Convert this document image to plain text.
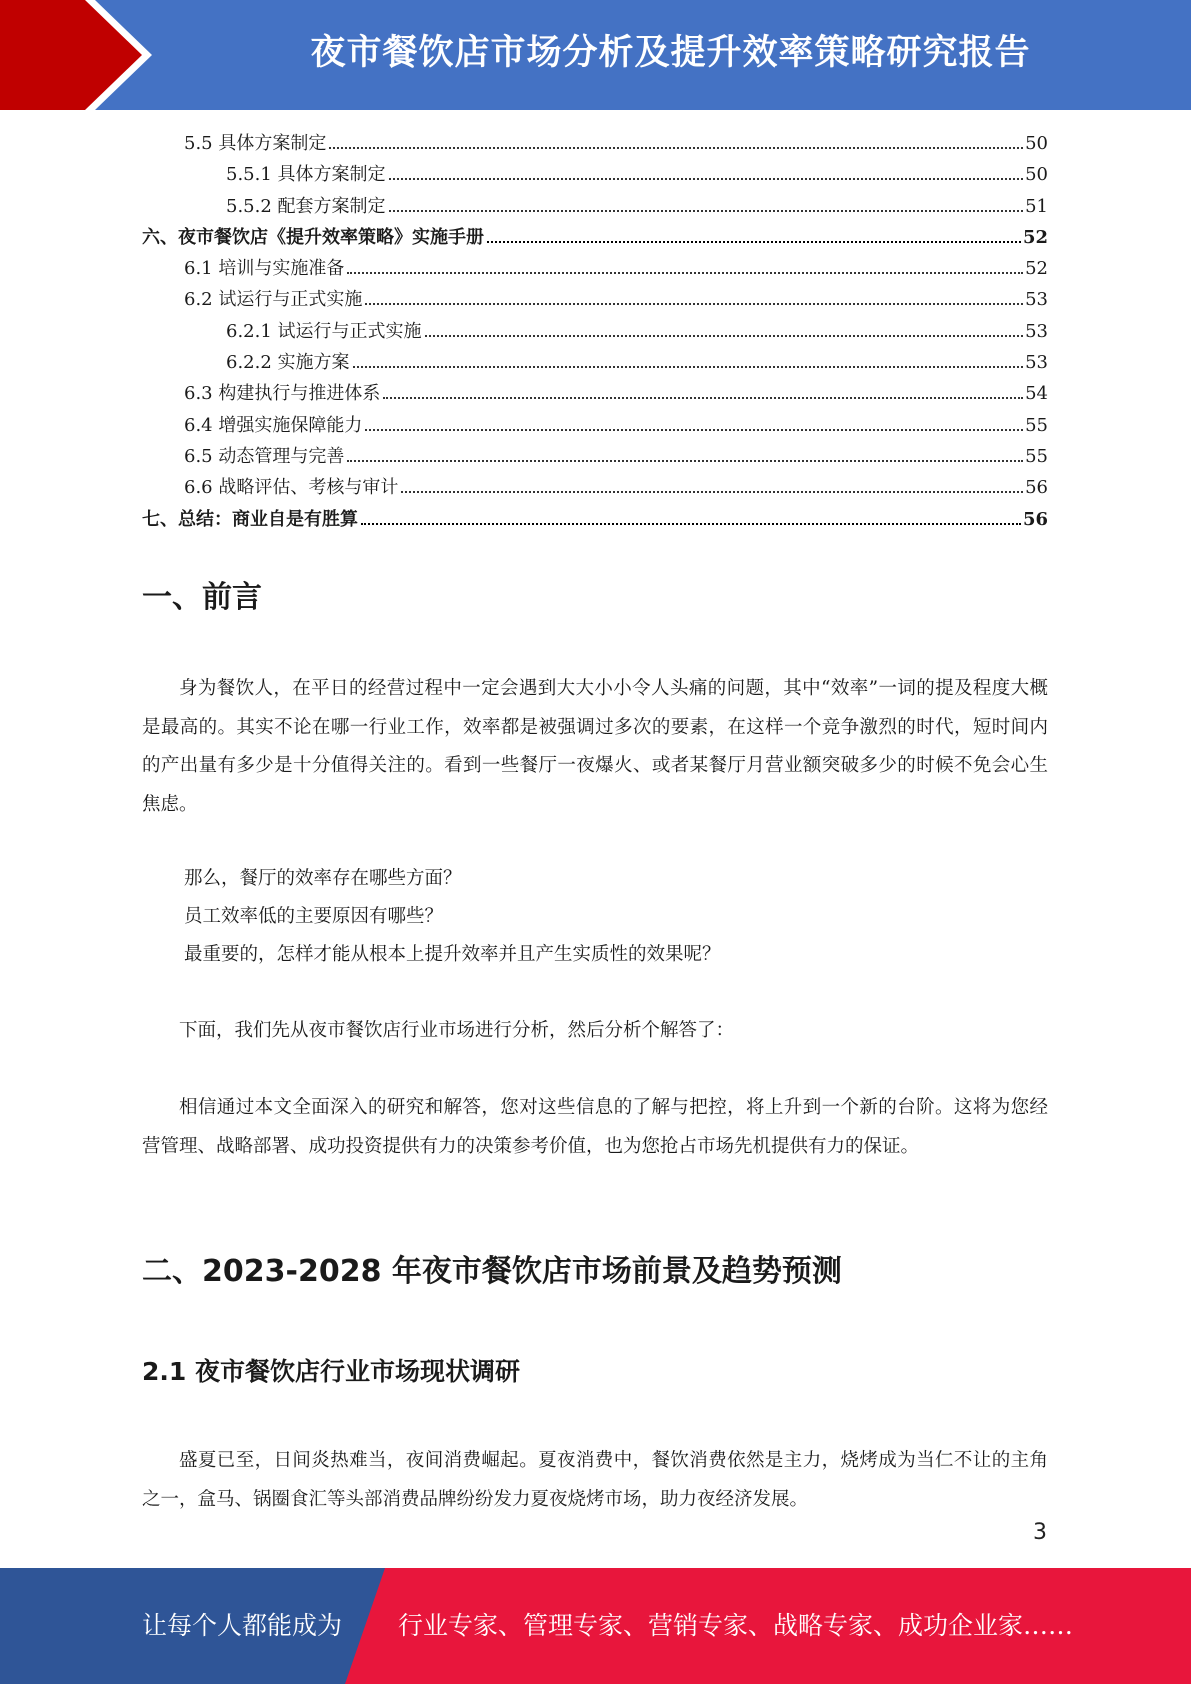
夜市餐饮店市场分析及提升效率策略研究报告
5.5 具体方案制定	50
5.5.1 具体方案制定	50
5.5.2 配套方案制定	51
六、夜市餐饮店《提升效率策略》实施手册	52
6.1 培训与实施准备	52
6.2 试运行与正式实施	53
6.2.1 试运行与正式实施	53
6.2.2 实施方案	53
6.3 构建执行与推进体系	54
6.4 增强实施保障能力	55
6.5 动态管理与完善	55
6.6 战略评估、考核与审计	56
七、总结：商业自是有胜算	56
一、前言

身为餐饮人，在平日的经营过程中一定会遇到大大小小令人头痛的问题，其中“效率”一词的提及程度大概是最高的。其实不论在哪一行业工作，效率都是被强调过多次的要素，在这样一个竞争激烈的时代，短时间内的产出量有多少是十分值得关注的。看到一些餐厅一夜爆火、或者某餐厅月营业额突破多少的时候不免会心生焦虑。

那么，餐厅的效率存在哪些方面？

员工效率低的主要原因有哪些？

最重要的，怎样才能从根本上提升效率并且产生实质性的效果呢？

下面，我们先从夜市餐饮店行业市场进行分析，然后分析个解答了：

相信通过本文全面深入的研究和解答，您对这些信息的了解与把控，将上升到一个新的台阶。这将为您经营管理、战略部署、成功投资提供有力的决策参考价值，也为您抢占市场先机提供有力的保证。

二、2023-2028 年夜市餐饮店市场前景及趋势预测
2.1 夜市餐饮店行业市场现状调研

盛夏已至，日间炎热难当，夜间消费崛起。夏夜消费中，餐饮消费依然是主力，烧烤成为当仁不让的主角之一，盒马、锅圈食汇等头部消费品牌纷纷发力夏夜烧烤市场，助力夜经济发展。

3
让每个人都能成为 行业专家、管理专家、营销专家、战略专家、成功企业家……
